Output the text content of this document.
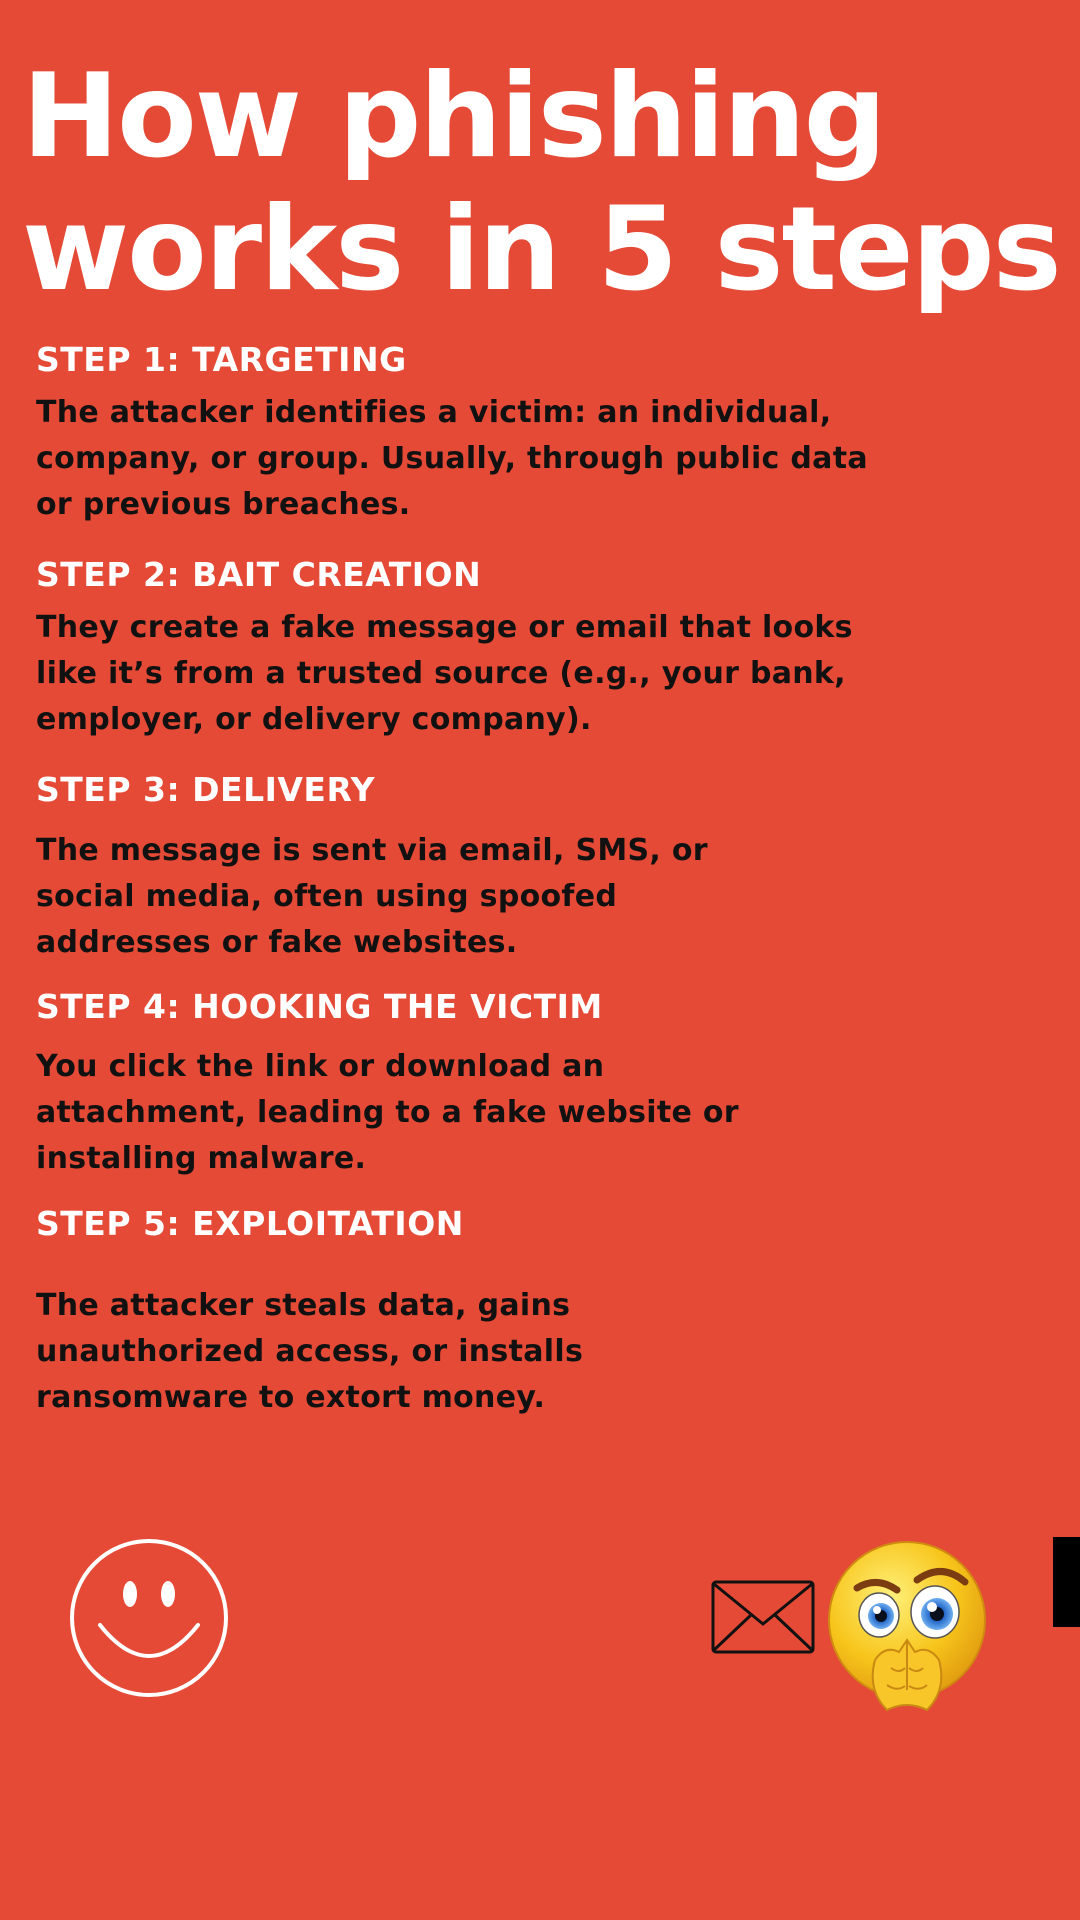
How phishing
works in 5 steps
STEP 1: TARGETING

The attacker identifies a victim: an individual,
company, or group. Usually, through public data
or previous breaches.

STEP 2: BAIT CREATION

They create a fake message or email that looks
like it’s from a trusted source (e.g., your bank,
employer, or delivery company).

STEP 3: DELIVERY

The message is sent via email, SMS, or
social media, often using spoofed
addresses or fake websites.

STEP 4: HOOKING THE VICTIM

You click the link or download an
attachment, leading to a fake website or
installing malware.

STEP 5: EXPLOITATION

The attacker steals data, gains
unauthorized access, or installs
ransomware to extort money.
